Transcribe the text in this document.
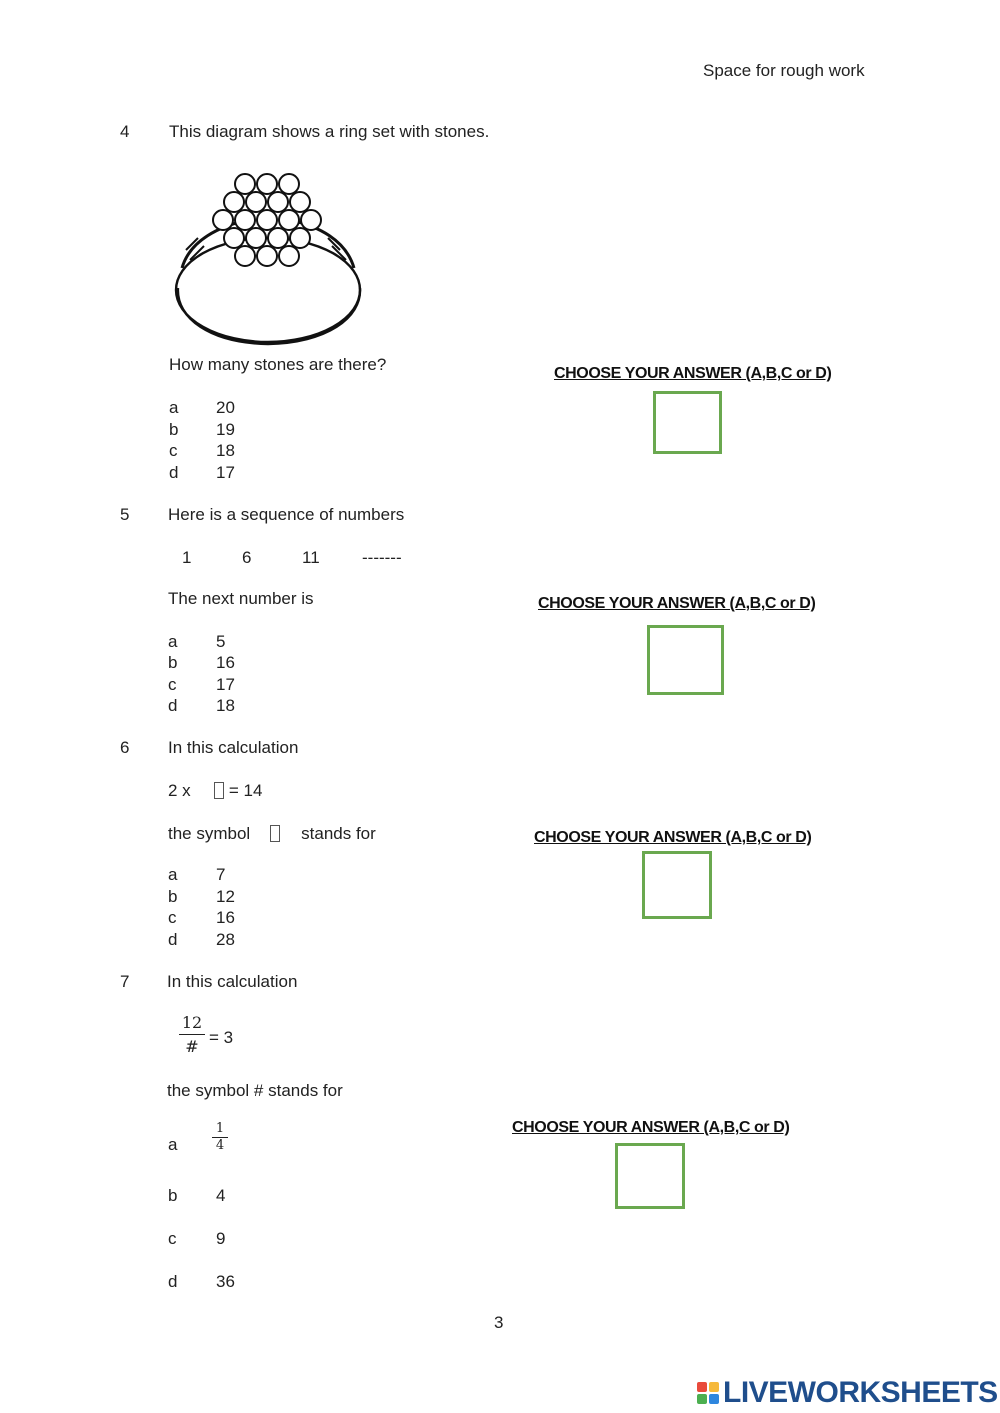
Space for rough work
4 This diagram shows a ring set with stones.
How many stones are there?	CHOOSE YOUR ANSWER (A,B,C or D)
a 20
b 19
c 18
d 17
5 Here is a sequence of numbers
1	6	11 -------
The next number is	CHOOSE YOUR ANSWER (A,B,C or D)
a 5
b 16
c 17
d 18
6 In this calculation
2 x = 14
the symbol	stands for	CHOOSE YOUR ANSWER (A,B,C or D)
a 7
b 12
c 16
d 28
7 In this calculation
12
# = 3
the symbol # stands for
CHOOSE YOUR ANSWER (A,B,C or D)
a
1
4
b 4
c 9
d 36
3
LIVEWORKSHEETS
